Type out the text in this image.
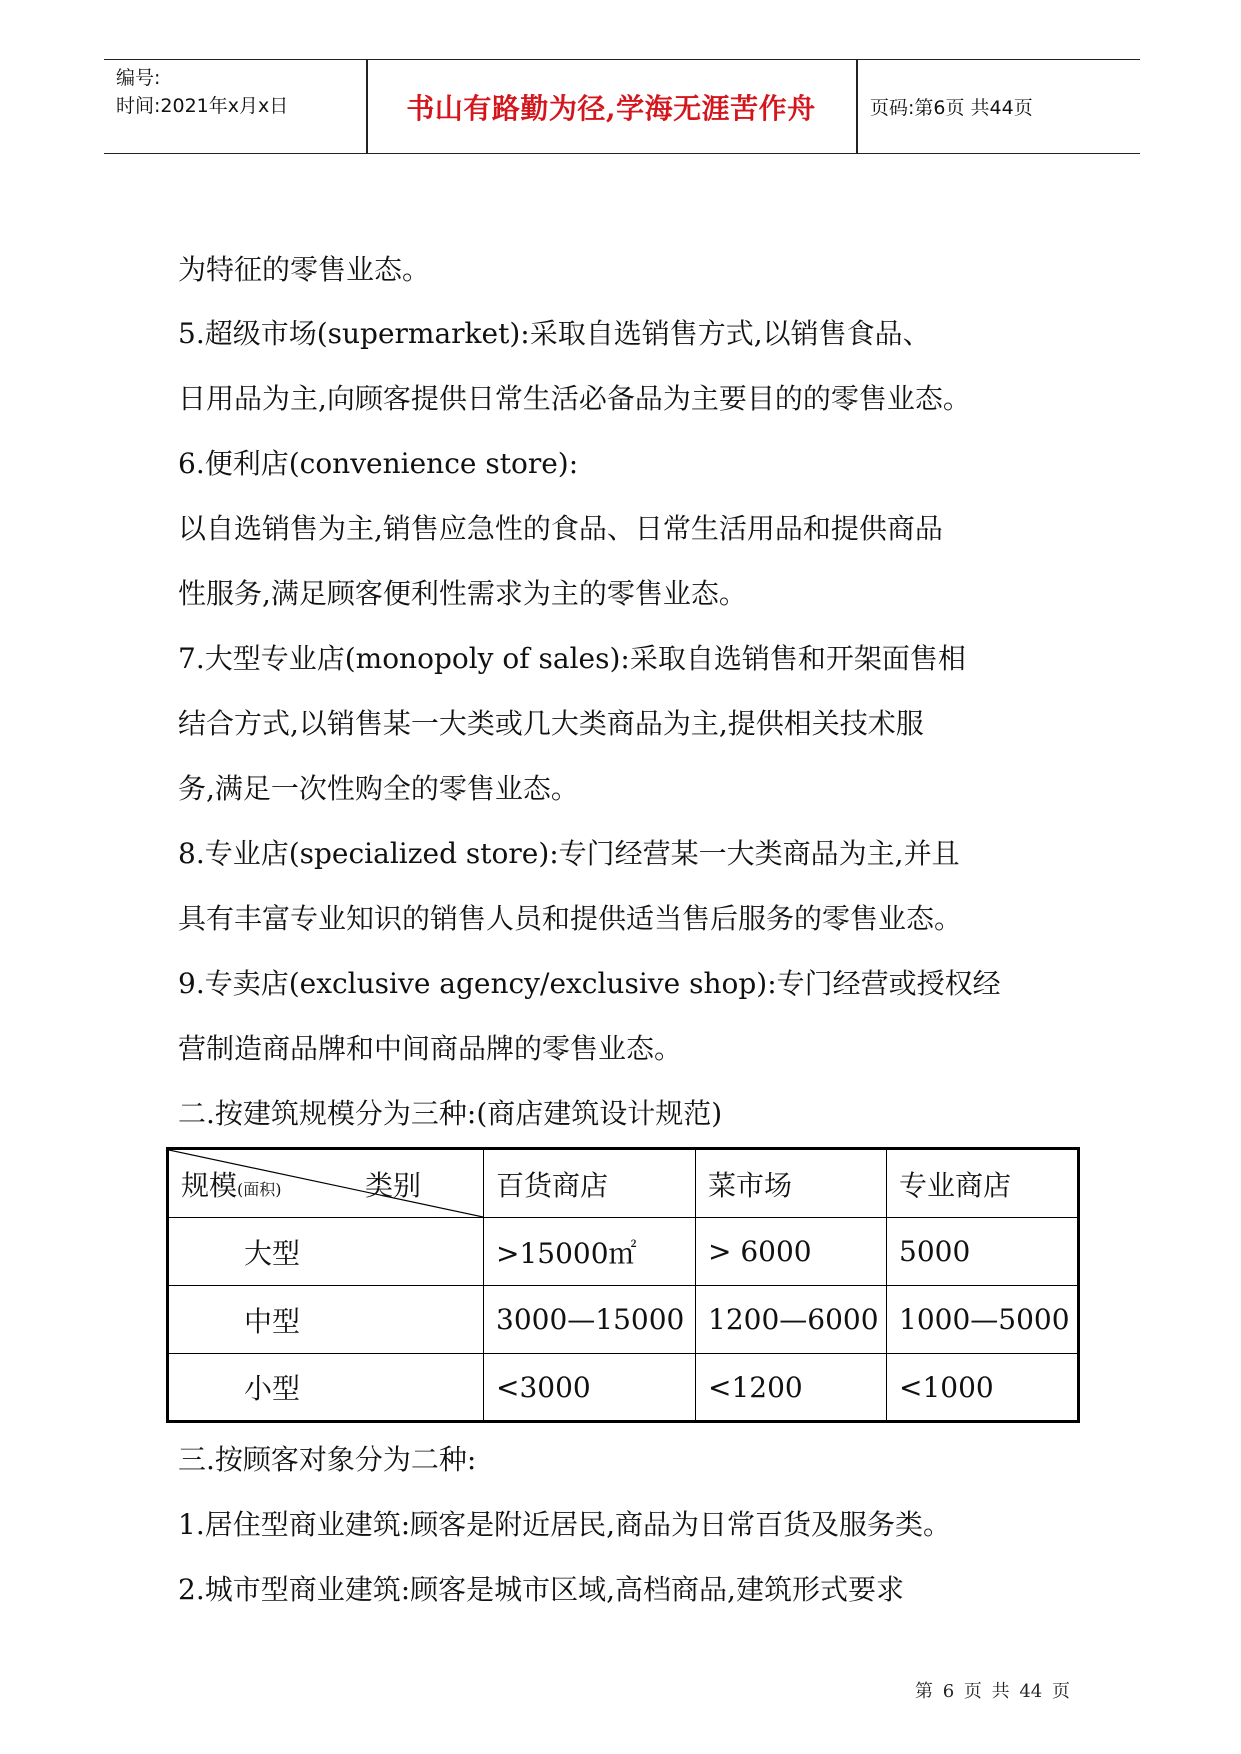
编号:
时间:2021年x月x日	书山有路勤为径,学海无涯苦作舟	页码:第6页 共44页
为特征的零售业态。
5.超级市场(supermarket):采取自选销售方式,以销售食品、
日用品为主,向顾客提供日常生活必备品为主要目的的零售业态。
6.便利店(convenience store):
以自选销售为主,销售应急性的食品、日常生活用品和提供商品
性服务,满足顾客便利性需求为主的零售业态。
7.大型专业店(monopoly of sales):采取自选销售和开架面售相
结合方式,以销售某一大类或几大类商品为主,提供相关技术服
务,满足一次性购全的零售业态。
8.专业店(specialized store):专门经营某一大类商品为主,并且
具有丰富专业知识的销售人员和提供适当售后服务的零售业态。
9.专卖店(exclusive agency/exclusive shop):专门经营或授权经
营制造商品牌和中间商品牌的零售业态。
二.按建筑规模分为三种:(商店建筑设计规范)
规模(面积) 类别	百货商店	菜市场	专业商店
大型	>15000㎡	> 6000	5000
中型	3000—15000	1200—6000	1000—5000
小型	<3000	<1200	<1000
三.按顾客对象分为二种:
1.居住型商业建筑:顾客是附近居民,商品为日常百货及服务类。
2.城市型商业建筑:顾客是城市区域,高档商品,建筑形式要求
第 6 页 共 44 页
